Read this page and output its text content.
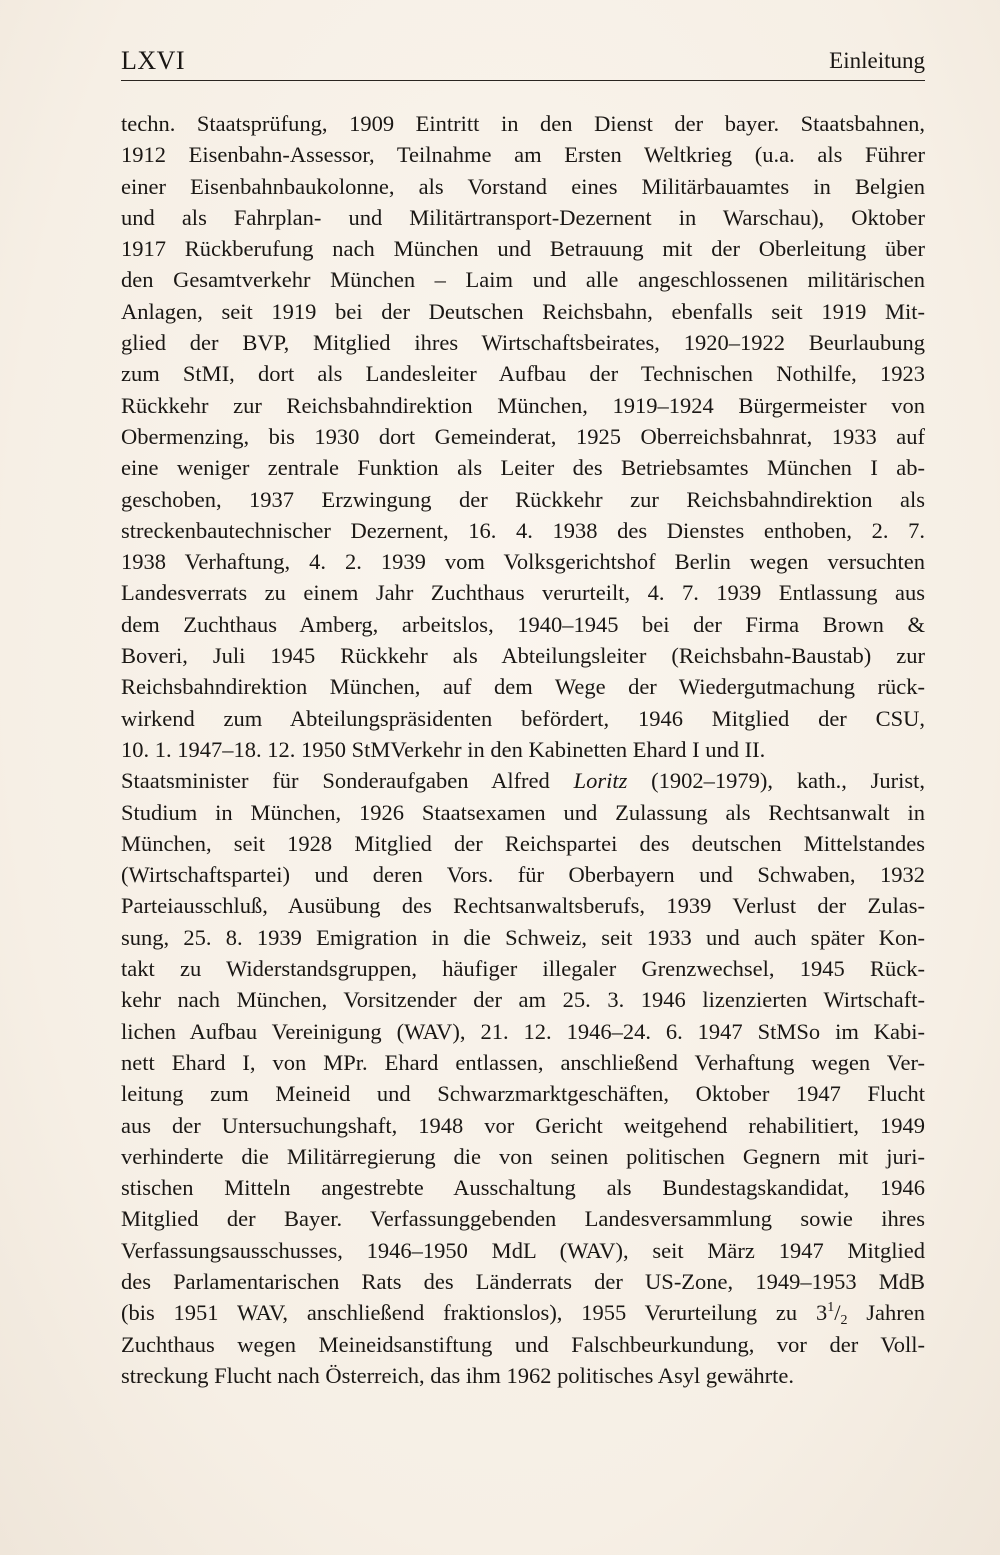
LXVI	Einleitung
techn. Staatsprüfung, 1909 Eintritt in den Dienst der bayer. Staatsbahnen,
1912 Eisenbahn-Assessor, Teilnahme am Ersten Weltkrieg (u.a. als Führer
einer Eisenbahnbaukolonne, als Vorstand eines Militärbauamtes in Belgien
und als Fahrplan- und Militärtransport-Dezernent in Warschau), Oktober
1917 Rückberufung nach München und Betrauung mit der Oberleitung über
den Gesamtverkehr München – Laim und alle angeschlossenen militärischen
Anlagen, seit 1919 bei der Deutschen Reichsbahn, ebenfalls seit 1919 Mit-
glied der BVP, Mitglied ihres Wirtschaftsbeirates, 1920–1922 Beurlaubung
zum StMI, dort als Landesleiter Aufbau der Technischen Nothilfe, 1923
Rückkehr zur Reichsbahndirektion München, 1919–1924 Bürgermeister von
Obermenzing, bis 1930 dort Gemeinderat, 1925 Oberreichsbahnrat, 1933 auf
eine weniger zentrale Funktion als Leiter des Betriebsamtes München I ab-
geschoben, 1937 Erzwingung der Rückkehr zur Reichsbahndirektion als
streckenbautechnischer Dezernent, 16. 4. 1938 des Dienstes enthoben, 2. 7.
1938 Verhaftung, 4. 2. 1939 vom Volksgerichtshof Berlin wegen versuchten
Landesverrats zu einem Jahr Zuchthaus verurteilt, 4. 7. 1939 Entlassung aus
dem Zuchthaus Amberg, arbeitslos, 1940–1945 bei der Firma Brown &
Boveri, Juli 1945 Rückkehr als Abteilungsleiter (Reichsbahn-Baustab) zur
Reichsbahndirektion München, auf dem Wege der Wiedergutmachung rück-
wirkend zum Abteilungspräsidenten befördert, 1946 Mitglied der CSU,
10. 1. 1947–18. 12. 1950 StMVerkehr in den Kabinetten Ehard I und II.
Staatsminister für Sonderaufgaben Alfred Loritz (1902–1979), kath., Jurist,
Studium in München, 1926 Staatsexamen und Zulassung als Rechtsanwalt in
München, seit 1928 Mitglied der Reichspartei des deutschen Mittelstandes
(Wirtschaftspartei) und deren Vors. für Oberbayern und Schwaben, 1932
Parteiausschluß, Ausübung des Rechtsanwaltsberufs, 1939 Verlust der Zulas-
sung, 25. 8. 1939 Emigration in die Schweiz, seit 1933 und auch später Kon-
takt zu Widerstandsgruppen, häufiger illegaler Grenzwechsel, 1945 Rück-
kehr nach München, Vorsitzender der am 25. 3. 1946 lizenzierten Wirtschaft-
lichen Aufbau Vereinigung (WAV), 21. 12. 1946–24. 6. 1947 StMSo im Kabi-
nett Ehard I, von MPr. Ehard entlassen, anschließend Verhaftung wegen Ver-
leitung zum Meineid und Schwarzmarktgeschäften, Oktober 1947 Flucht
aus der Untersuchungshaft, 1948 vor Gericht weitgehend rehabilitiert, 1949
verhinderte die Militärregierung die von seinen politischen Gegnern mit juri-
stischen Mitteln angestrebte Ausschaltung als Bundestagskandidat, 1946
Mitglied der Bayer. Verfassunggebenden Landesversammlung sowie ihres
Verfassungsausschusses, 1946–1950 MdL (WAV), seit März 1947 Mitglied
des Parlamentarischen Rats des Länderrats der US-Zone, 1949–1953 MdB
(bis 1951 WAV, anschließend fraktionslos), 1955 Verurteilung zu $3^1/_2$ Jahren
Zuchthaus wegen Meineidsanstiftung und Falschbeurkundung, vor der Voll-
streckung Flucht nach Österreich, das ihm 1962 politisches Asyl gewährte.
